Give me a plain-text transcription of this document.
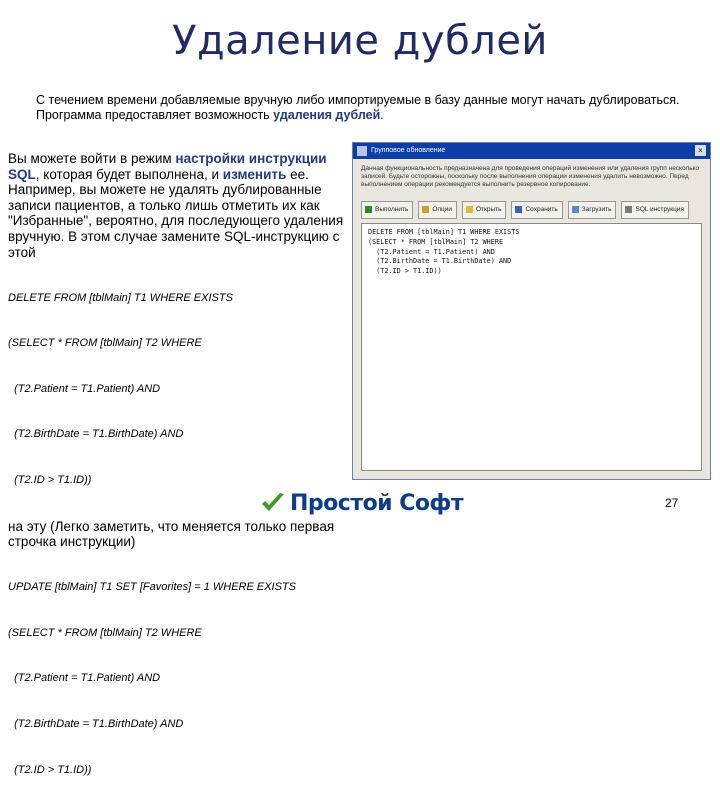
Удаление дублей
С течением времени добавляемые вручную либо импортируемые в базу данные могут начать дублироваться. Программа предоставляет возможность удаления дублей.
Вы можете войти в режим настройки инструкции SQL, которая будет выполнена, и изменить ее. Например, вы можете не удалять дублированные записи пациентов, а только лишь отметить их как "Избранные", вероятно, для последующего удаления вручную. В этом случае замените SQL-инструкцию с этой

DELETE FROM [tblMain] T1 WHERE EXISTS

(SELECT * FROM [tblMain] T2 WHERE

(T2.Patient = T1.Patient) AND

(T2.BirthDate = T1.BirthDate) AND

(T2.ID > T1.ID))

на эту (Легко заметить, что меняется только первая строчка инструкции)

UPDATE [tblMain] T1 SET [Favorites] = 1 WHERE EXISTS

(SELECT * FROM [tblMain] T2 WHERE

(T2.Patient = T1.Patient) AND

(T2.BirthDate = T1.BirthDate) AND

(T2.ID > T1.ID))

Групповое обновление	×
Данная функциональность предназначена для проведения операций изменения или удаления групп несколько записей. Будьте осторожны, поскольку после выполнения операции изменения удалить невозможно. Перед выполнением операции рекомендуется выполнить резервное копирование.
Выполнить	Опции	Открыть	Сохранить	Загрузить	SQL инструкция
DELETE FROM [tblMain] T1 WHERE EXISTS
(SELECT * FROM [tblMain] T2 WHERE
(T2.Patient = T1.Patient) AND
(T2.BirthDate = T1.BirthDate) AND
(T2.ID > T1.ID))
Простой Софт	27
